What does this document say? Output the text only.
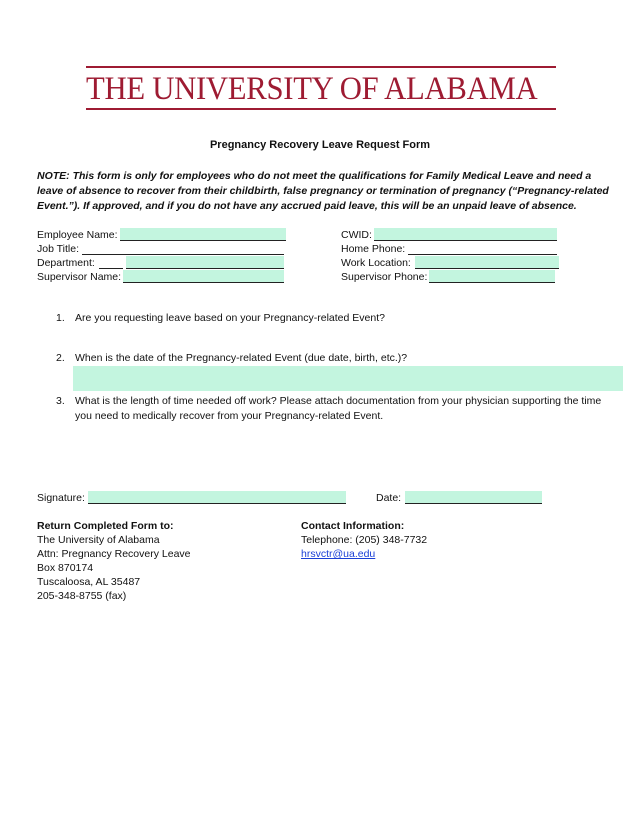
THE UNIVERSITY OF ALABAMA
Pregnancy Recovery Leave Request Form
NOTE: This form is only for employees who do not meet the qualifications for Family Medical Leave and need a leave of absence to recover from their childbirth, false pregnancy or termination of pregnancy (“Pregnancy-related Event.”). If approved, and if you do not have any accrued paid leave, this will be an unpaid leave of absence.
Employee Name:
Job Title:
Department:
Supervisor Name:
CWID:
Home Phone:
Work Location:
Supervisor Phone:
1. Are you requesting leave based on your Pregnancy-related Event?
2. When is the date of the Pregnancy-related Event (due date, birth, etc.)?
3. What is the length of time needed off work? Please attach documentation from your physician supporting the time you need to medically recover from your Pregnancy-related Event.
Signature:	Date:
Return Completed Form to:
The University of Alabama
Attn: Pregnancy Recovery Leave
Box 870174
Tuscaloosa, AL 35487
205-348-8755 (fax)
Contact Information:
Telephone: (205) 348-7732
hrsvctr@ua.edu
